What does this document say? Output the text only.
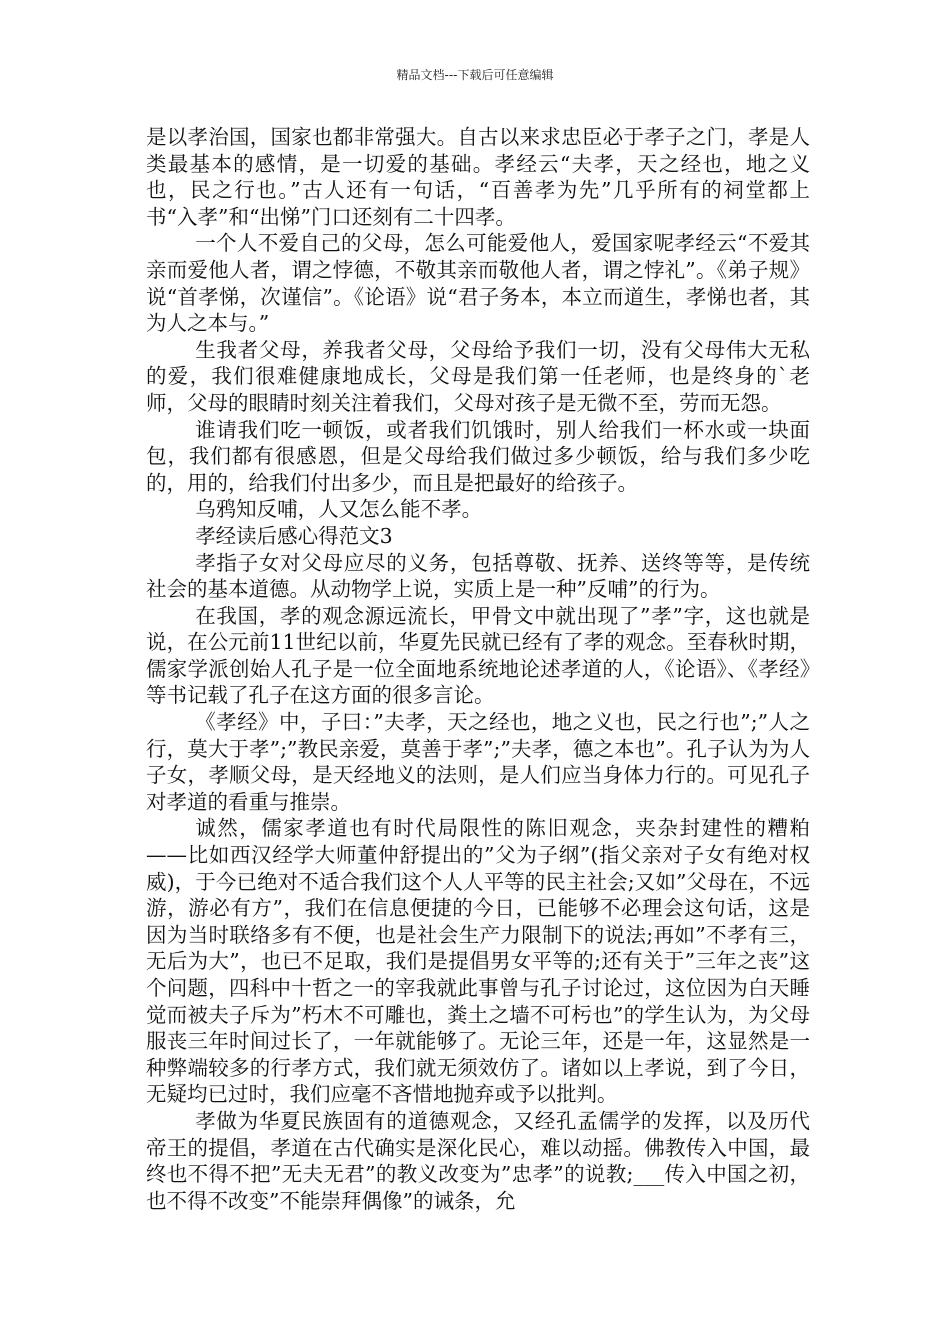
精品文档---下载后可任意编辑

是以孝治国，国家也都非常强大。自古以来求忠臣必于孝子之门，孝是人类最基本的感情，是一切爱的基础。孝经云“夫孝，天之经也，地之义也，民之行也。”古人还有一句话，“百善孝为先”几乎所有的祠堂都上书“入孝”和“出悌”门口还刻有二十四孝。

一个人不爱自己的父母，怎么可能爱他人，爱国家呢孝经云“不爱其亲而爱他人者，谓之悖德，不敬其亲而敬他人者，谓之悖礼”。《弟子规》说“首孝悌，次谨信”。《论语》说“君子务本，本立而道生，孝悌也者，其为人之本与。”

生我者父母，养我者父母，父母给予我们一切，没有父母伟大无私的爱，我们很难健康地成长，父母是我们第一任老师，也是终身的`老师，父母的眼睛时刻关注着我们，父母对孩子是无微不至，劳而无怨。

谁请我们吃一顿饭，或者我们饥饿时，别人给我们一杯水或一块面包，我们都有很感恩，但是父母给我们做过多少顿饭，给与我们多少吃的，用的，给我们付出多少，而且是把最好的给孩子。

乌鸦知反哺，人又怎么能不孝。

孝经读后感心得范文3

孝指子女对父母应尽的义务，包括尊敬、抚养、送终等等，是传统社会的基本道德。从动物学上说，实质上是一种”反哺”的行为。

在我国，孝的观念源远流长，甲骨文中就出现了”孝”字，这也就是说，在公元前11世纪以前，华夏先民就已经有了孝的观念。至春秋时期，儒家学派创始人孔子是一位全面地系统地论述孝道的人，《论语》、《孝经》等书记载了孔子在这方面的很多言论。

《孝经》中，子曰：”夫孝，天之经也，地之义也，民之行也”;”人之行，莫大于孝”;”教民亲爱，莫善于孝”;”夫孝，德之本也”。孔子认为为人子女，孝顺父母，是天经地义的法则，是人们应当身体力行的。可见孔子对孝道的看重与推崇。

诚然，儒家孝道也有时代局限性的陈旧观念，夹杂封建性的糟粕——比如西汉经学大师董仲舒提出的”父为子纲”(指父亲对子女有绝对权威)，于今已绝对不适合我们这个人人平等的民主社会;又如”父母在，不远游，游必有方”，我们在信息便捷的今日，已能够不必理会这句话，这是因为当时联络多有不便，也是社会生产力限制下的说法;再如”不孝有三，无后为大”，也已不足取，我们是提倡男女平等的;还有关于”三年之丧”这个问题，四科中十哲之一的宰我就此事曾与孔子讨论过，这位因为白天睡觉而被夫子斥为”朽木不可雕也，粪土之墙不可杇也”的学生认为，为父母服丧三年时间过长了，一年就能够了。无论三年，还是一年，这显然是一种弊端较多的行孝方式，我们就无须效仿了。诸如以上孝说，到了今日，无疑均已过时，我们应毫不吝惜地抛弃或予以批判。

孝做为华夏民族固有的道德观念，又经孔孟儒学的发挥，以及历代帝王的提倡，孝道在古代确实是深化民心，难以动摇。佛教传入中国，最终也不得不把”无夫无君”的教义改变为”忠孝”的说教;___传入中国之初，也不得不改变”不能崇拜偶像”的诫条，允
